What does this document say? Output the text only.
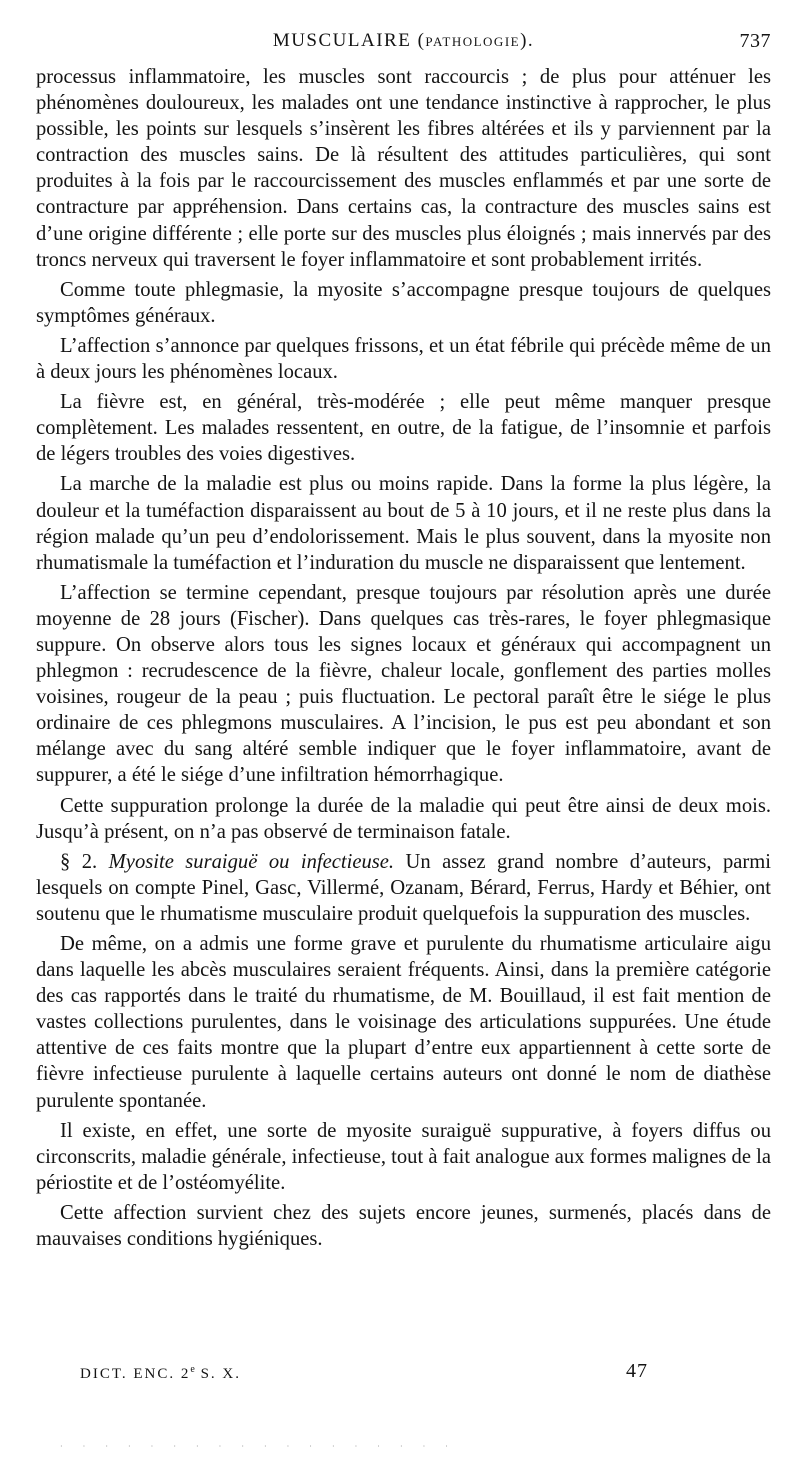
MUSCULAIRE (PATHOLOGIE).	737

processus inflammatoire, les muscles sont raccourcis ; de plus pour atténuer les phénomènes douloureux, les malades ont une tendance instinctive à rapprocher, le plus possible, les points sur lesquels s’insèrent les fibres altérées et ils y parviennent par la contraction des muscles sains. De là résultent des attitudes particulières, qui sont produites à la fois par le raccourcissement des muscles enflammés et par une sorte de contracture par appréhension. Dans certains cas, la contracture des muscles sains est d’une origine différente ; elle porte sur des muscles plus éloignés ; mais innervés par des troncs nerveux qui traversent le foyer inflammatoire et sont probablement irrités.

Comme toute phlegmasie, la myosite s’accompagne presque toujours de quelques symptômes généraux.

L’affection s’annonce par quelques frissons, et un état fébrile qui précède même de un à deux jours les phénomènes locaux.

La fièvre est, en général, très-modérée ; elle peut même manquer presque complètement. Les malades ressentent, en outre, de la fatigue, de l’insomnie et parfois de légers troubles des voies digestives.

La marche de la maladie est plus ou moins rapide. Dans la forme la plus légère, la douleur et la tuméfaction disparaissent au bout de 5 à 10 jours, et il ne reste plus dans la région malade qu’un peu d’endolorissement. Mais le plus souvent, dans la myosite non rhumatismale la tuméfaction et l’induration du muscle ne disparaissent que lentement.

L’affection se termine cependant, presque toujours par résolution après une durée moyenne de 28 jours (Fischer). Dans quelques cas très-rares, le foyer phlegmasique suppure. On observe alors tous les signes locaux et généraux qui accompagnent un phlegmon : recrudescence de la fièvre, chaleur locale, gonflement des parties molles voisines, rougeur de la peau ; puis fluctuation. Le pectoral paraît être le siége le plus ordinaire de ces phlegmons musculaires. A l’incision, le pus est peu abondant et son mélange avec du sang altéré semble indiquer que le foyer inflammatoire, avant de suppurer, a été le siége d’une infiltration hémorrhagique.

Cette suppuration prolonge la durée de la maladie qui peut être ainsi de deux mois. Jusqu’à présent, on n’a pas observé de terminaison fatale.

§ 2. Myosite suraiguë ou infectieuse. Un assez grand nombre d’auteurs, parmi lesquels on compte Pinel, Gasc, Villermé, Ozanam, Bérard, Ferrus, Hardy et Béhier, ont soutenu que le rhumatisme musculaire produit quelquefois la suppuration des muscles.

De même, on a admis une forme grave et purulente du rhumatisme articulaire aigu dans laquelle les abcès musculaires seraient fréquents. Ainsi, dans la première catégorie des cas rapportés dans le traité du rhumatisme, de M. Bouillaud, il est fait mention de vastes collections purulentes, dans le voisinage des articulations suppurées. Une étude attentive de ces faits montre que la plupart d’entre eux appartiennent à cette sorte de fièvre infectieuse purulente à laquelle certains auteurs ont donné le nom de diathèse purulente spontanée.

Il existe, en effet, une sorte de myosite suraiguë suppurative, à foyers diffus ou circonscrits, maladie générale, infectieuse, tout à fait analogue aux formes malignes de la périostite et de l’ostéomyélite.

Cette affection survient chez des sujets encore jeunes, surmenés, placés dans de mauvaises conditions hygiéniques.

DICT. ENC. 2e S. X.	47
· · · · · · · · · · · · · · · · · ·
